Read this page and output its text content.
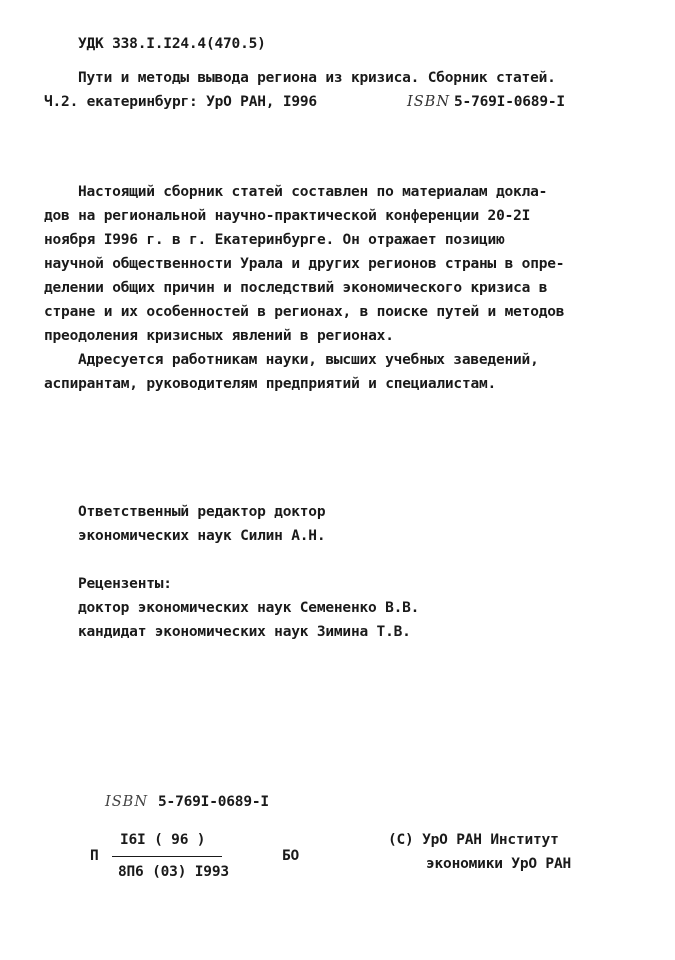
УДК 338.I.I24.4(470.5)
Пути и методы вывода региона из кризиса. Сборник статей.
Ч.2. екатеринбург: УрО РАН, I996	ISBN 5-769I-0689-I
Настоящий сборник статей составлен по материалам докла-
дов на региональной научно-практической конференции 20-2I
ноября I996 г. в г. Екатеринбурге. Он отражает позицию
научной общественности Урала и других регионов страны в опре-
делении общих причин и последствий экономического кризиса в
стране и их особенностей в регионах, в поиске путей и методов
преодоления кризисных явлений в регионах.
Адресуется работникам науки, высших учебных заведений,
аспирантам, руководителям предприятий и специалистам.
Ответственный редактор доктор
экономических наук Силин А.Н.
Рецензенты:
доктор экономических наук Семененко В.В.
кандидат экономических наук Зимина Т.В.
ISBN 5-769I-0689-I
П
I6I ( 96 )
8П6 (03) I993
БО
(C) УрО РАН Институт
экономики УрО РАН
